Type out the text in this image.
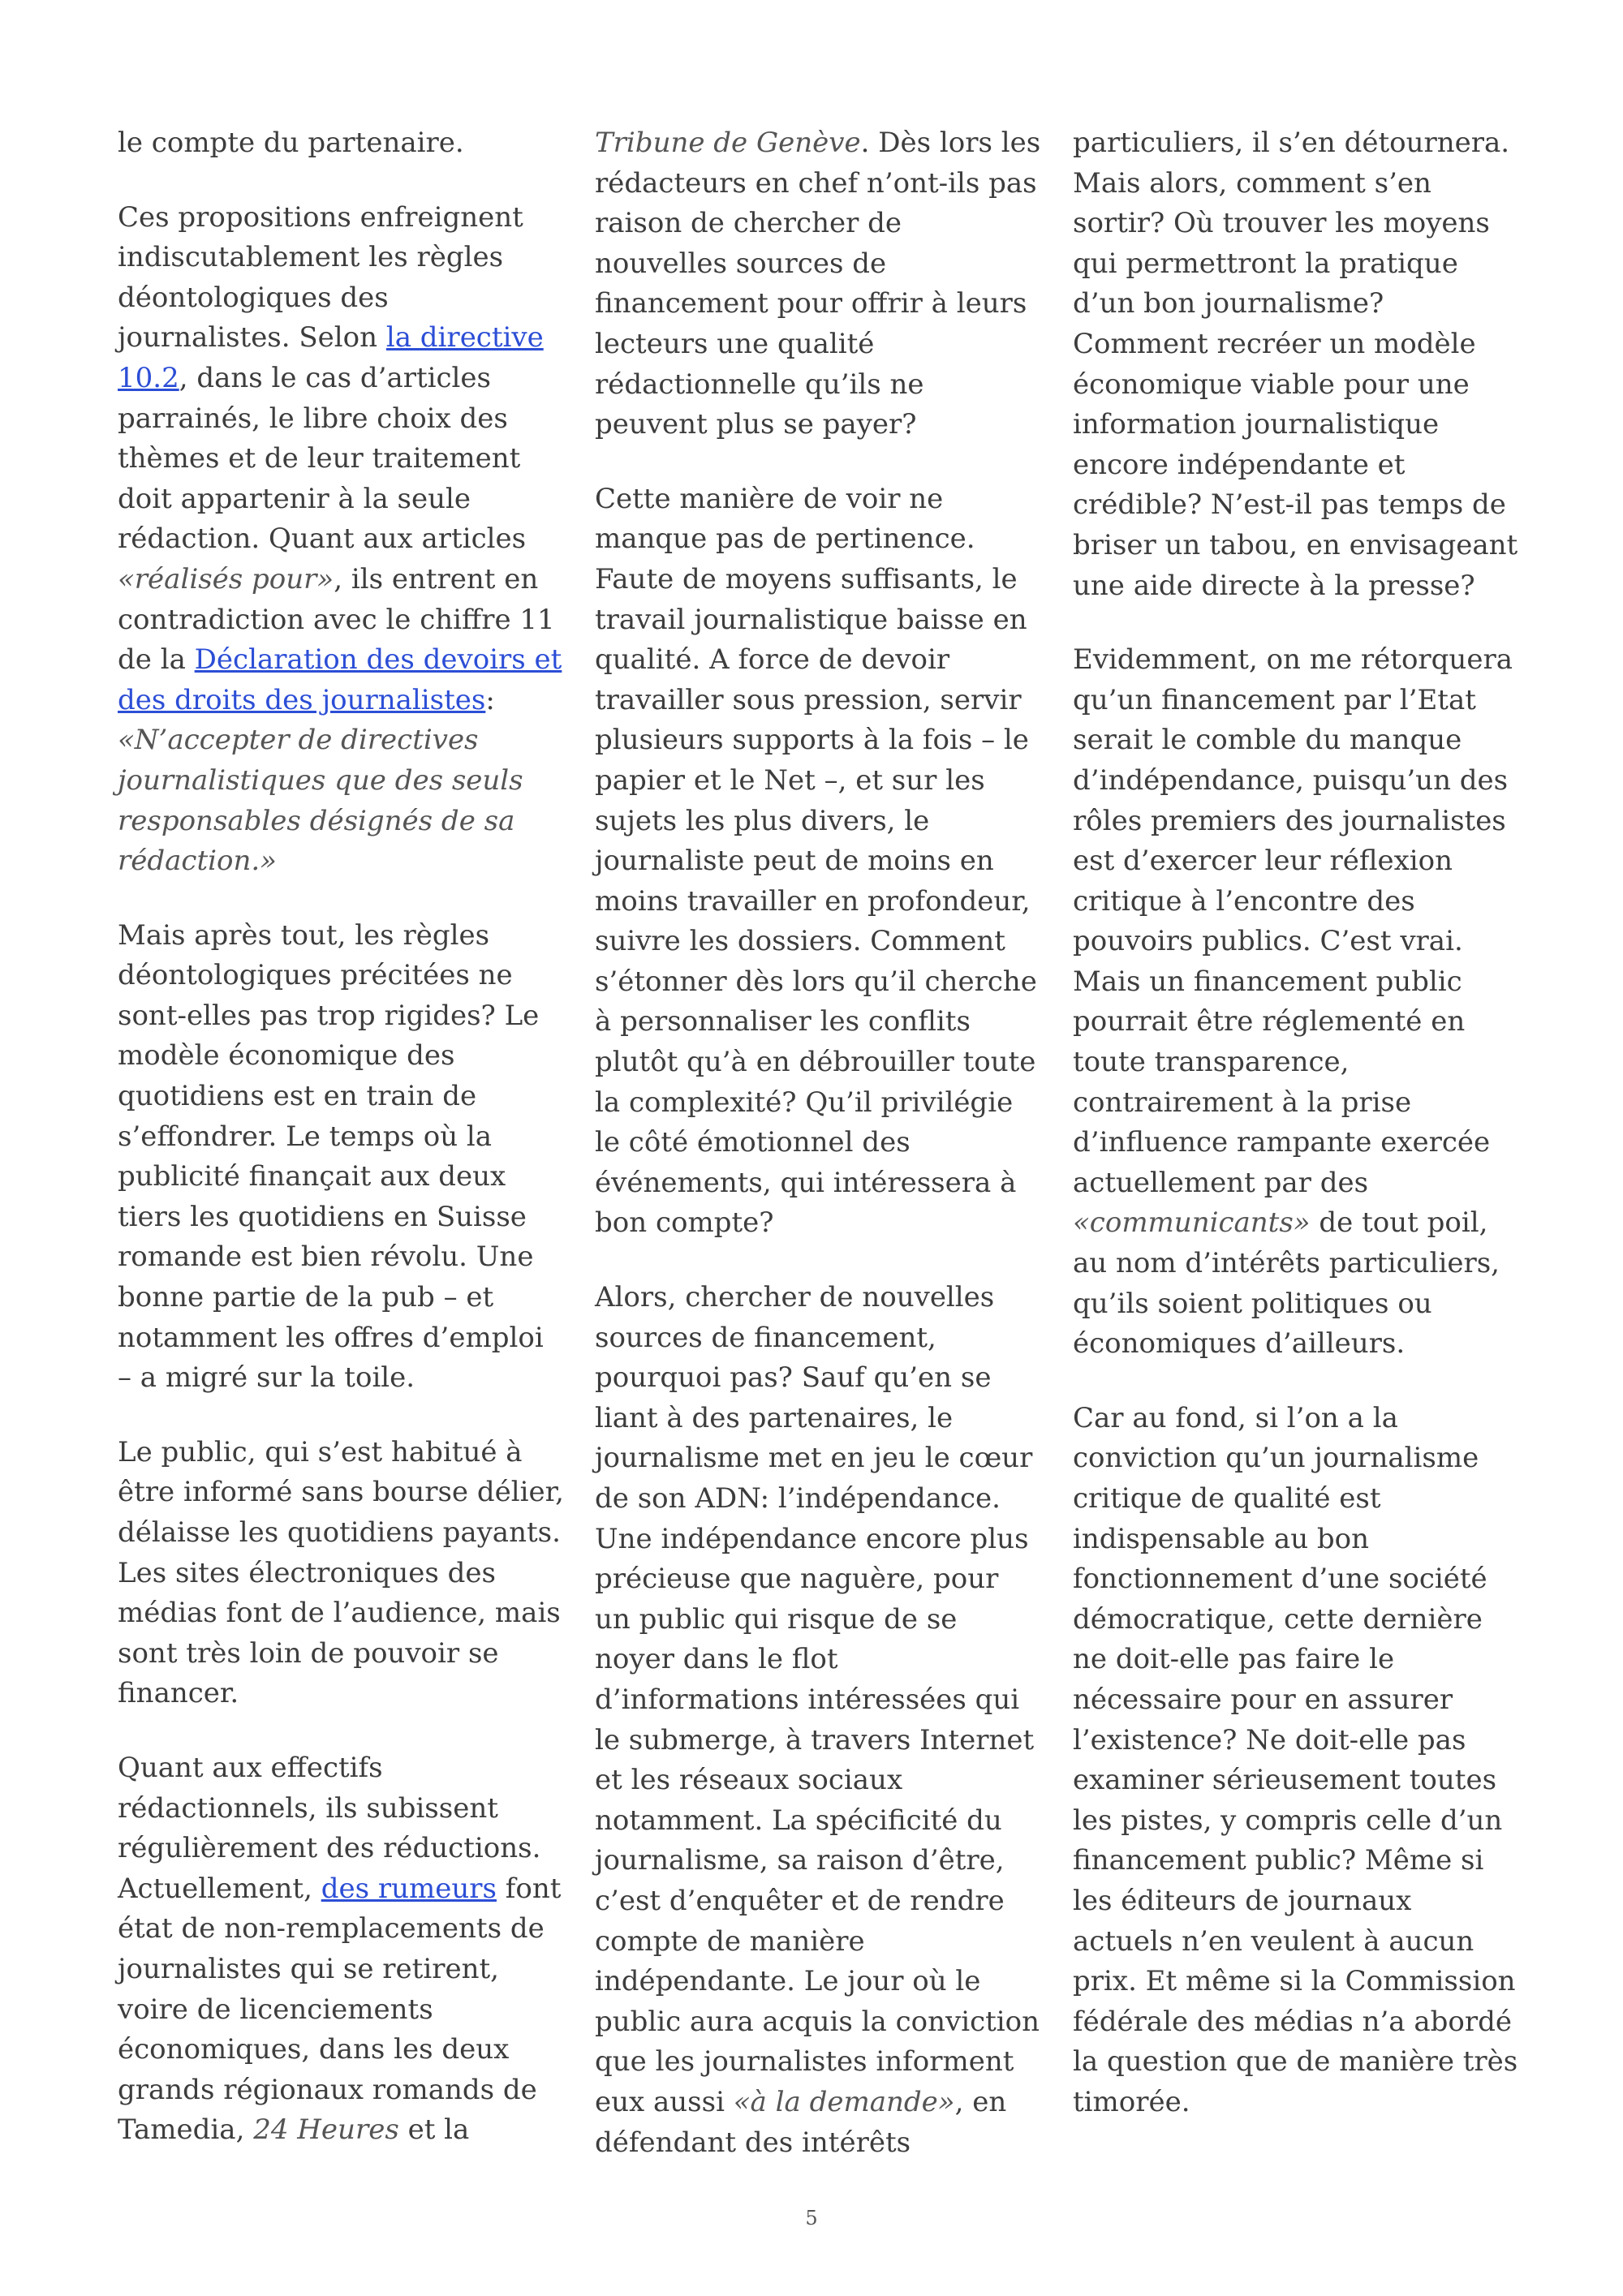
le compte du partenaire.

Ces propositions enfreignent indiscutablement les règles déontologiques des journalistes. Selon la directive 10.2, dans le cas d’articles parrainés, le libre choix des thèmes et de leur traitement doit appartenir à la seule rédaction. Quant aux articles «réalisés pour», ils entrent en contradiction avec le chiffre 11 de la Déclaration des devoirs et des droits des journalistes:
«N’accepter de directives journalistiques que des seuls responsables désignés de sa rédaction.»

Mais après tout, les règles déontologiques précitées ne sont-elles pas trop rigides? Le modèle économique des quotidiens est en train de s’effondrer. Le temps où la publicité finançait aux deux tiers les quotidiens en Suisse romande est bien révolu. Une bonne partie de la pub – et notamment les offres d’emploi – a migré sur la toile.

Le public, qui s’est habitué à être informé sans bourse délier, délaisse les quotidiens payants. Les sites électroniques des médias font de l’audience, mais sont très loin de pouvoir se financer.

Quant aux effectifs rédactionnels, ils subissent régulièrement des réductions. Actuellement, des rumeurs font état de non-remplacements de journalistes qui se retirent, voire de licenciements économiques, dans les deux grands régionaux romands de Tamedia, 24 Heures et la

Tribune de Genève. Dès lors les rédacteurs en chef n’ont-ils pas raison de chercher de nouvelles sources de financement pour offrir à leurs lecteurs une qualité rédactionnelle qu’ils ne peuvent plus se payer?

Cette manière de voir ne manque pas de pertinence. Faute de moyens suffisants, le travail journalistique baisse en qualité. A force de devoir travailler sous pression, servir plusieurs supports à la fois – le papier et le Net –, et sur les sujets les plus divers, le journaliste peut de moins en moins travailler en profondeur, suivre les dossiers. Comment s’étonner dès lors qu’il cherche à personnaliser les conflits plutôt qu’à en débrouiller toute la complexité? Qu’il privilégie le côté émotionnel des événements, qui intéressera à bon compte?

Alors, chercher de nouvelles sources de financement, pourquoi pas? Sauf qu’en se liant à des partenaires, le journalisme met en jeu le cœur de son ADN: l’indépendance. Une indépendance encore plus précieuse que naguère, pour un public qui risque de se noyer dans le flot d’informations intéressées qui le submerge, à travers Internet et les réseaux sociaux notamment. La spécificité du journalisme, sa raison d’être, c’est d’enquêter et de rendre compte de manière indépendante. Le jour où le public aura acquis la conviction que les journalistes informent eux aussi «à la demande», en défendant des intérêts

particuliers, il s’en détournera. Mais alors, comment s’en sortir? Où trouver les moyens qui permettront la pratique d’un bon journalisme? Comment recréer un modèle économique viable pour une information journalistique encore indépendante et crédible? N’est-il pas temps de briser un tabou, en envisageant une aide directe à la presse?

Evidemment, on me rétorquera qu’un financement par l’Etat serait le comble du manque d’indépendance, puisqu’un des rôles premiers des journalistes est d’exercer leur réflexion critique à l’encontre des pouvoirs publics. C’est vrai. Mais un financement public pourrait être réglementé en toute transparence, contrairement à la prise d’influence rampante exercée actuellement par des «communicants» de tout poil, au nom d’intérêts particuliers, qu’ils soient politiques ou économiques d’ailleurs.

Car au fond, si l’on a la conviction qu’un journalisme critique de qualité est indispensable au bon fonctionnement d’une société démocratique, cette dernière ne doit-elle pas faire le nécessaire pour en assurer l’existence? Ne doit-elle pas examiner sérieusement toutes les pistes, y compris celle d’un financement public? Même si les éditeurs de journaux actuels n’en veulent à aucun prix. Et même si la Commission fédérale des médias n’a abordé la question que de manière très timorée.

5
